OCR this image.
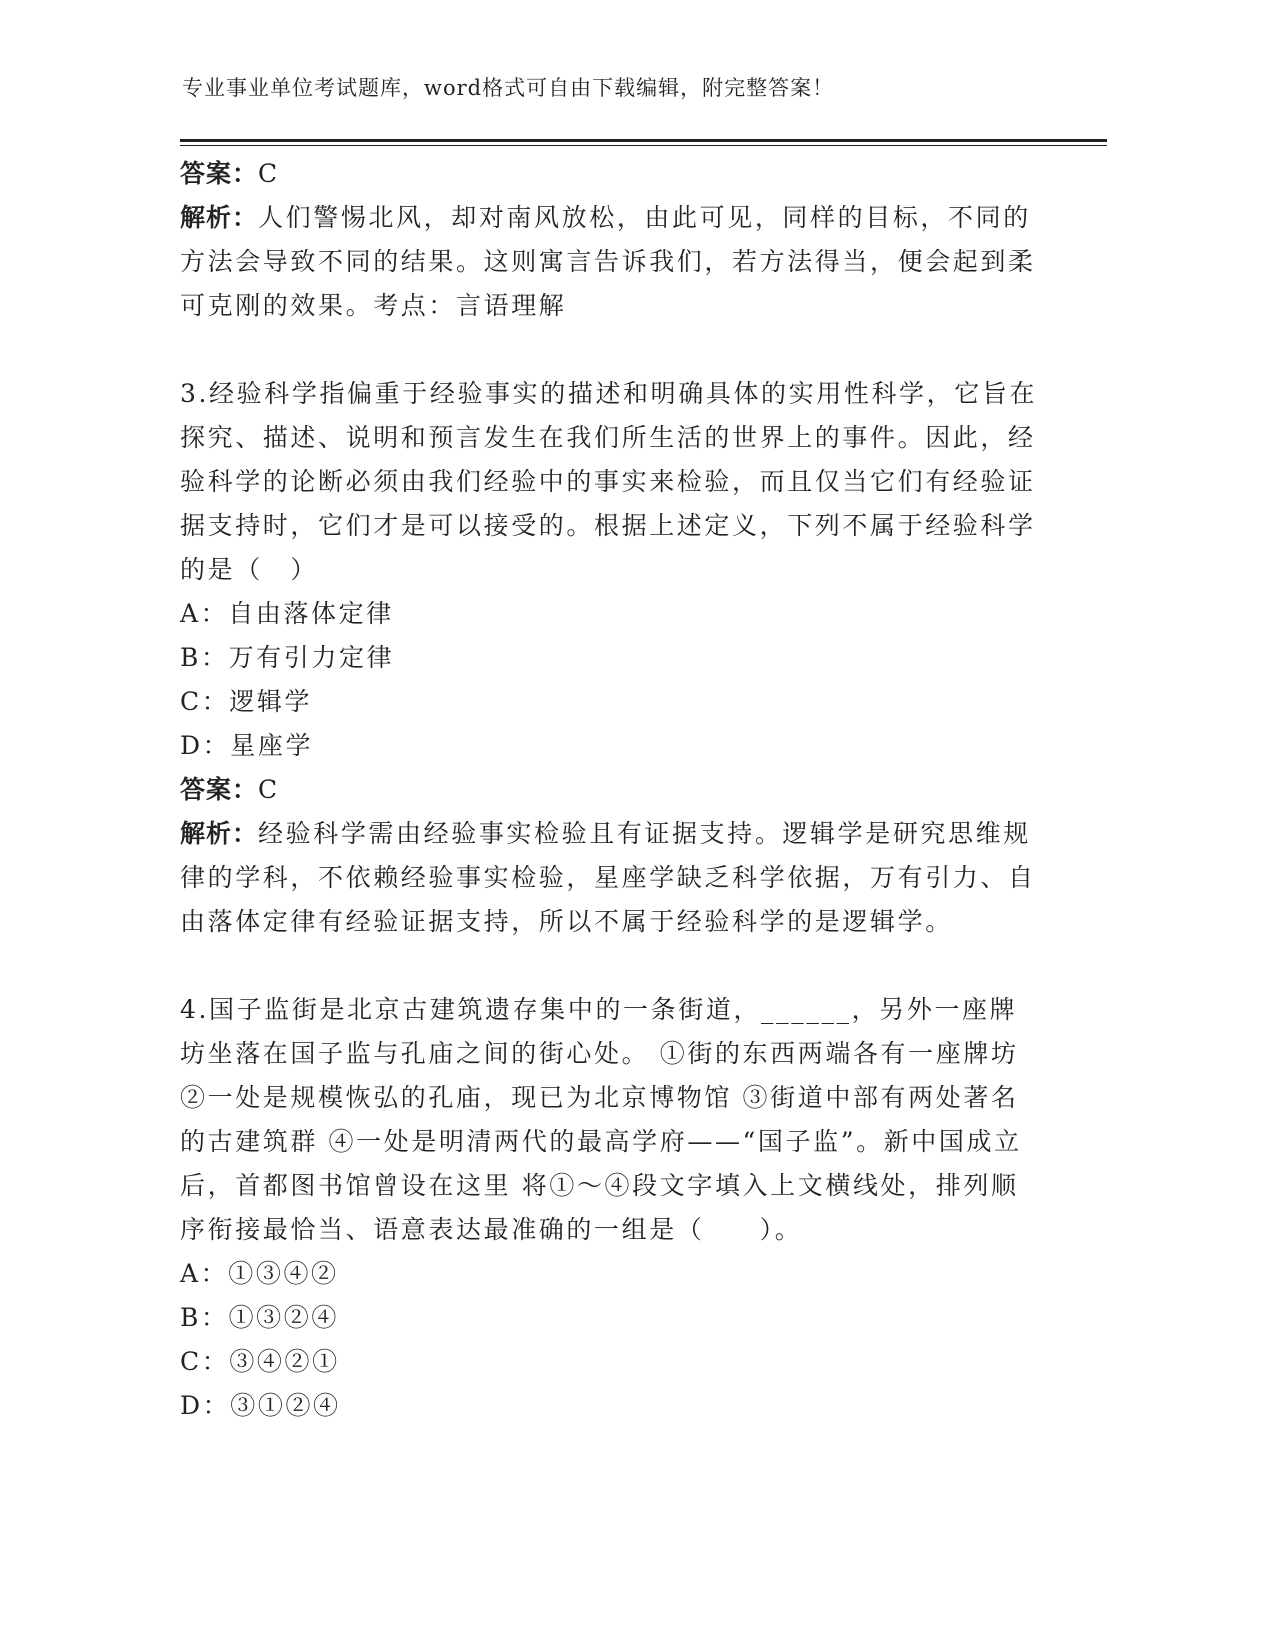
专业事业单位考试题库，word格式可自由下载编辑，附完整答案！

答案：C

解析：人们警惕北风，却对南风放松，由此可见，同样的目标，不同的方法会导致不同的结果。这则寓言告诉我们，若方法得当，便会起到柔可克刚的效果。考点：言语理解

3.经验科学指偏重于经验事实的描述和明确具体的实用性科学，它旨在探究、描述、说明和预言发生在我们所生活的世界上的事件。因此，经验科学的论断必须由我们经验中的事实来检验，而且仅当它们有经验证据支持时，它们才是可以接受的。根据上述定义，下列不属于经验科学的是（　）

A：自由落体定律

B：万有引力定律

C：逻辑学

D：星座学

答案：C

解析：经验科学需由经验事实检验且有证据支持。逻辑学是研究思维规律的学科，不依赖经验事实检验，星座学缺乏科学依据，万有引力、自由落体定律有经验证据支持，所以不属于经验科学的是逻辑学。

4.国子监街是北京古建筑遗存集中的一条街道，______，另外一座牌坊坐落在国子监与孔庙之间的街心处。 ①街的东西两端各有一座牌坊 ②一处是规模恢弘的孔庙，现已为北京博物馆 ③街道中部有两处著名的古建筑群 ④一处是明清两代的最高学府——“国子监”。新中国成立后，首都图书馆曾设在这里 将①～④段文字填入上文横线处，排列顺序衔接最恰当、语意表达最准确的一组是（　　）。

A：①③④②

B：①③②④

C：③④②①

D：③①②④
